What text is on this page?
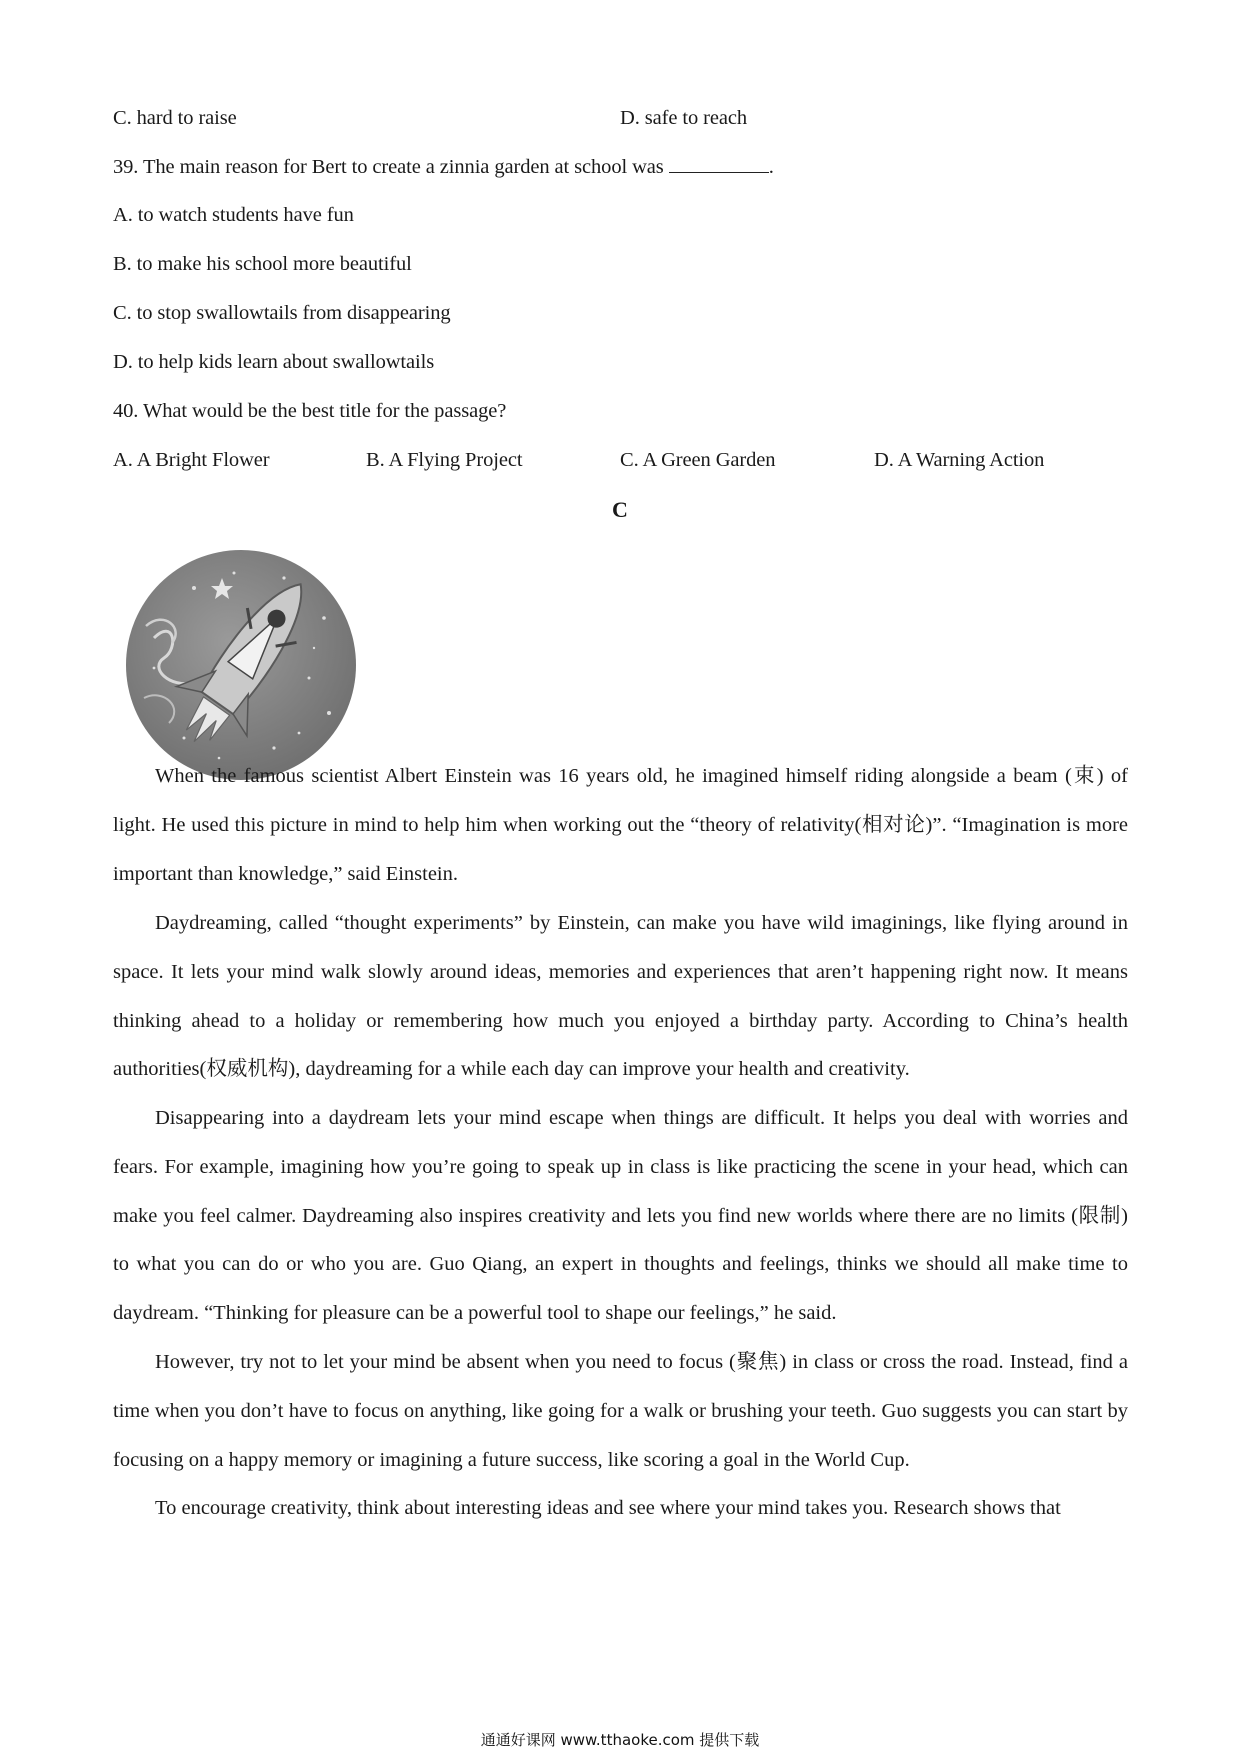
C. hard to raise	D. safe to reach
39. The main reason for Bert to create a zinnia garden at school was	.
A. to watch students have fun
B. to make his school more beautiful
C. to stop swallowtails from disappearing
D. to help kids learn about swallowtails
40. What would be the best title for the passage?
A. A Bright Flower	B. A Flying Project	C. A Green Garden	D. A Warning Action
C

When the famous scientist Albert Einstein was 16 years old, he imagined himself riding alongside a beam (束) of light. He used this picture in mind to help him when working out the “theory of relativity(相对论)”. “Imagination is more important than knowledge,” said Einstein.

Daydreaming, called “thought experiments” by Einstein, can make you have wild imaginings, like flying around in space. It lets your mind walk slowly around ideas, memories and experiences that aren’t happening right now. It means thinking ahead to a holiday or remembering how much you enjoyed a birthday party. According to China’s health authorities(权威机构), daydreaming for a while each day can improve your health and creativity.

Disappearing into a daydream lets your mind escape when things are difficult. It helps you deal with worries and fears. For example, imagining how you’re going to speak up in class is like practicing the scene in your head, which can make you feel calmer. Daydreaming also inspires creativity and lets you find new worlds where there are no limits (限制) to what you can do or who you are. Guo Qiang, an expert in thoughts and feelings, thinks we should all make time to daydream. “Thinking for pleasure can be a powerful tool to shape our feelings,” he said.

However, try not to let your mind be absent when you need to focus (聚焦) in class or cross the road. Instead, find a time when you don’t have to focus on anything, like going for a walk or brushing your teeth. Guo suggests you can start by focusing on a happy memory or imagining a future success, like scoring a goal in the World Cup.

To encourage creativity, think about interesting ideas and see where your mind takes you. Research shows that

通通好课网 www.tthaoke.com 提供下载
